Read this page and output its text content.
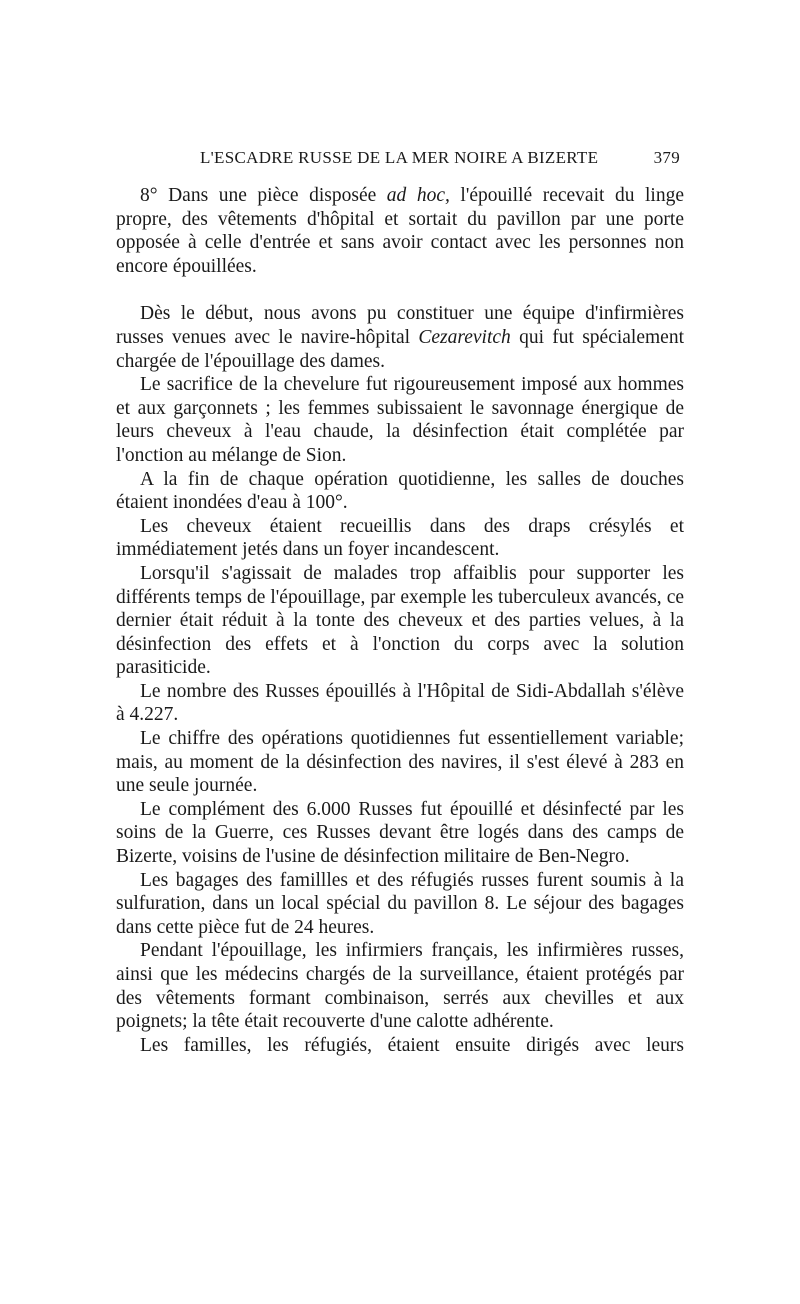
L'ESCADRE RUSSE DE LA MER NOIRE A BIZERTE	379

8° Dans une pièce disposée ad hoc, l'épouillé recevait du linge propre, des vêtements d'hôpital et sortait du pavillon par une porte opposée à celle d'entrée et sans avoir contact avec les personnes non encore épouillées.

Dès le début, nous avons pu constituer une équipe d'infirmières russes venues avec le navire-hôpital Cezarevitch qui fut spécialement chargée de l'épouillage des dames.

Le sacrifice de la chevelure fut rigoureusement imposé aux hommes et aux garçonnets ; les femmes subissaient le savonnage énergique de leurs cheveux à l'eau chaude, la désinfection était complétée par l'onction au mélange de Sion.

A la fin de chaque opération quotidienne, les salles de douches étaient inondées d'eau à 100°.

Les cheveux étaient recueillis dans des draps crésylés et immédiatement jetés dans un foyer incandescent.

Lorsqu'il s'agissait de malades trop affaiblis pour supporter les différents temps de l'épouillage, par exemple les tuberculeux avancés, ce dernier était réduit à la tonte des cheveux et des parties velues, à la désinfection des effets et à l'onction du corps avec la solution parasiticide.

Le nombre des Russes épouillés à l'Hôpital de Sidi-Abdallah s'élève à 4.227.

Le chiffre des opérations quotidiennes fut essentiellement variable; mais, au moment de la désinfection des navires, il s'est élevé à 283 en une seule journée.

Le complément des 6.000 Russes fut épouillé et désinfecté par les soins de la Guerre, ces Russes devant être logés dans des camps de Bizerte, voisins de l'usine de désinfection militaire de Ben-Negro.

Les bagages des famillles et des réfugiés russes furent soumis à la sulfuration, dans un local spécial du pavillon 8. Le séjour des bagages dans cette pièce fut de 24 heures.

Pendant l'épouillage, les infirmiers français, les infirmières russes, ainsi que les médecins chargés de la surveillance, étaient protégés par des vêtements formant combinaison, serrés aux chevilles et aux poignets; la tête était recouverte d'une calotte adhérente.

Les familles, les réfugiés, étaient ensuite dirigés avec leurs
